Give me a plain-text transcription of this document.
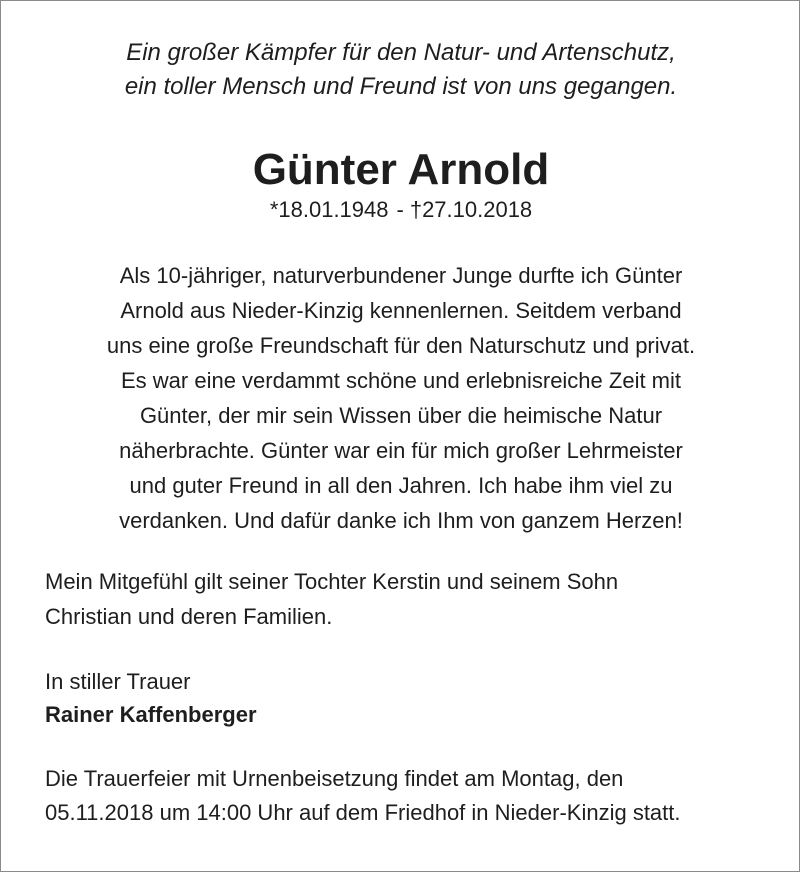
Ein großer Kämpfer für den Natur- und Artenschutz,
ein toller Mensch und Freund ist von uns gegangen.
Günter Arnold
*18.01.1948 - †27.10.2018
Als 10-jähriger, naturverbundener Junge durfte ich Günter
Arnold aus Nieder-Kinzig kennenlernen. Seitdem verband
uns eine große Freundschaft für den Naturschutz und privat.
Es war eine verdammt schöne und erlebnisreiche Zeit mit
Günter, der mir sein Wissen über die heimische Natur
näherbrachte. Günter war ein für mich großer Lehrmeister
und guter Freund in all den Jahren. Ich habe ihm viel zu
verdanken. Und dafür danke ich Ihm von ganzem Herzen!
Mein Mitgefühl gilt seiner Tochter Kerstin und seinem Sohn
Christian und deren Familien.
In stiller Trauer
Rainer Kaffenberger
Die Trauerfeier mit Urnenbeisetzung findet am Montag, den
05.11.2018 um 14:00 Uhr auf dem Friedhof in Nieder-Kinzig statt.
